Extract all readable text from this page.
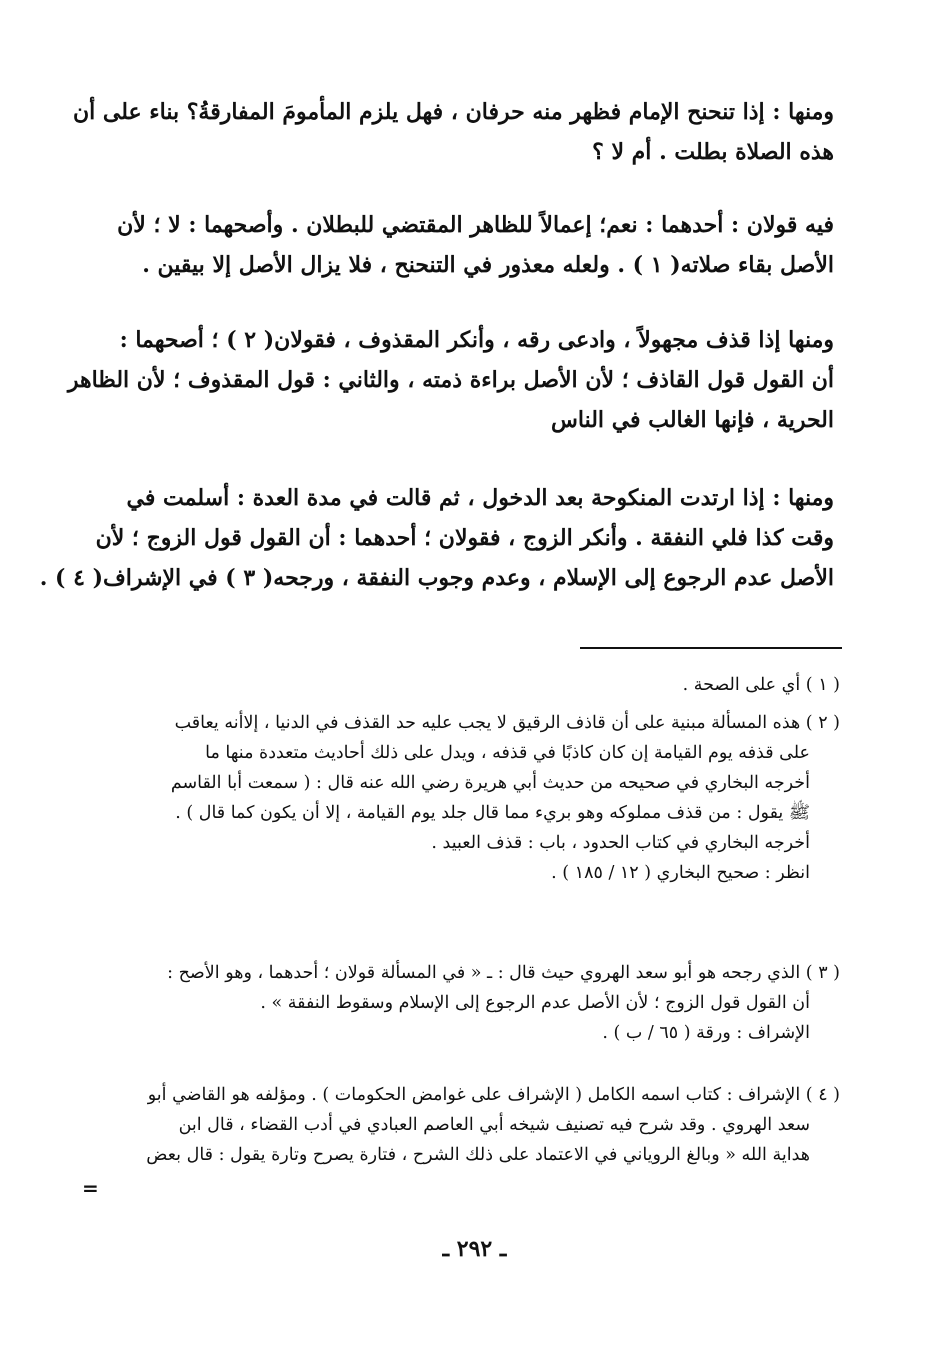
ومنها : إذا تنحنح الإمام فظهر منه حرفان ، فهل يلزم المأمومَ المفارقةُ؟ بناء على أن
هذه الصلاة بطلت . أم لا ؟
فيه قولان : أحدهما : نعم؛ إعمالاً للظاهر المقتضي للبطلان . وأصحهما : لا ؛ لأن
الأصل بقاء صلاته( ١ ) . ولعله معذور في التنحنح ، فلا يزال الأصل إلا بيقين .
ومنها إذا قذف مجهولاً ، وادعى رقه ، وأنكر المقذوف ، فقولان( ٢ ) ؛ أصحهما :
أن القول قول القاذف ؛ لأن الأصل براءة ذمته ، والثاني : قول المقذوف ؛ لأن الظاهر
الحرية ، فإنها الغالب في الناس
ومنها : إذا ارتدت المنكوحة بعد الدخول ، ثم قالت في مدة العدة : أسلمت في
وقت كذا فلي النفقة . وأنكر الزوج ، فقولان ؛ أحدهما : أن القول قول الزوج ؛ لأن
الأصل عدم الرجوع إلى الإسلام ، وعدم وجوب النفقة ، ورجحه( ٣ ) في الإشراف( ٤ ) .
( ١ ) أي على الصحة .
( ٢ ) هذه المسألة مبنية على أن قاذف الرقيق لا يجب عليه حد القذف في الدنيا ، إلاأنه يعاقب
على قذفه يوم القيامة إن كان كاذبًا في قذفه ، ويدل على ذلك أحاديث متعددة منها ما
أخرجه البخاري في صحيحه من حديث أبي هريرة رضي الله عنه قال : ( سمعت أبا القاسم
ﷺ يقول : من قذف مملوكه وهو بريء مما قال جلد يوم القيامة ، إلا أن يكون كما قال ) .
أخرجه البخاري في كتاب الحدود ، باب : قذف العبيد .
انظر : صحيح البخاري ( ١٢ / ١٨٥ ) .
( ٣ ) الذي رجحه هو أبو سعد الهروي حيث قال : ـ « في المسألة قولان ؛ أحدهما ، وهو الأصح :
أن القول قول الزوج ؛ لأن الأصل عدم الرجوع إلى الإسلام وسقوط النفقة » .
الإشراف : ورقة ( ٦٥ / ب ) .
( ٤ ) الإشراف : كتاب اسمه الكامل ( الإشراف على غوامض الحكومات ) . ومؤلفه هو القاضي أبو
سعد الهروي . وقد شرح فيه تصنيف شيخه أبي العاصم العبادي في أدب القضاء ، قال ابن
هداية الله « وبالغ الروياني في الاعتماد على ذلك الشرح ، فتارة يصرح وتارة يقول : قال بعض
=
ـ ٢٩٢ ـ
